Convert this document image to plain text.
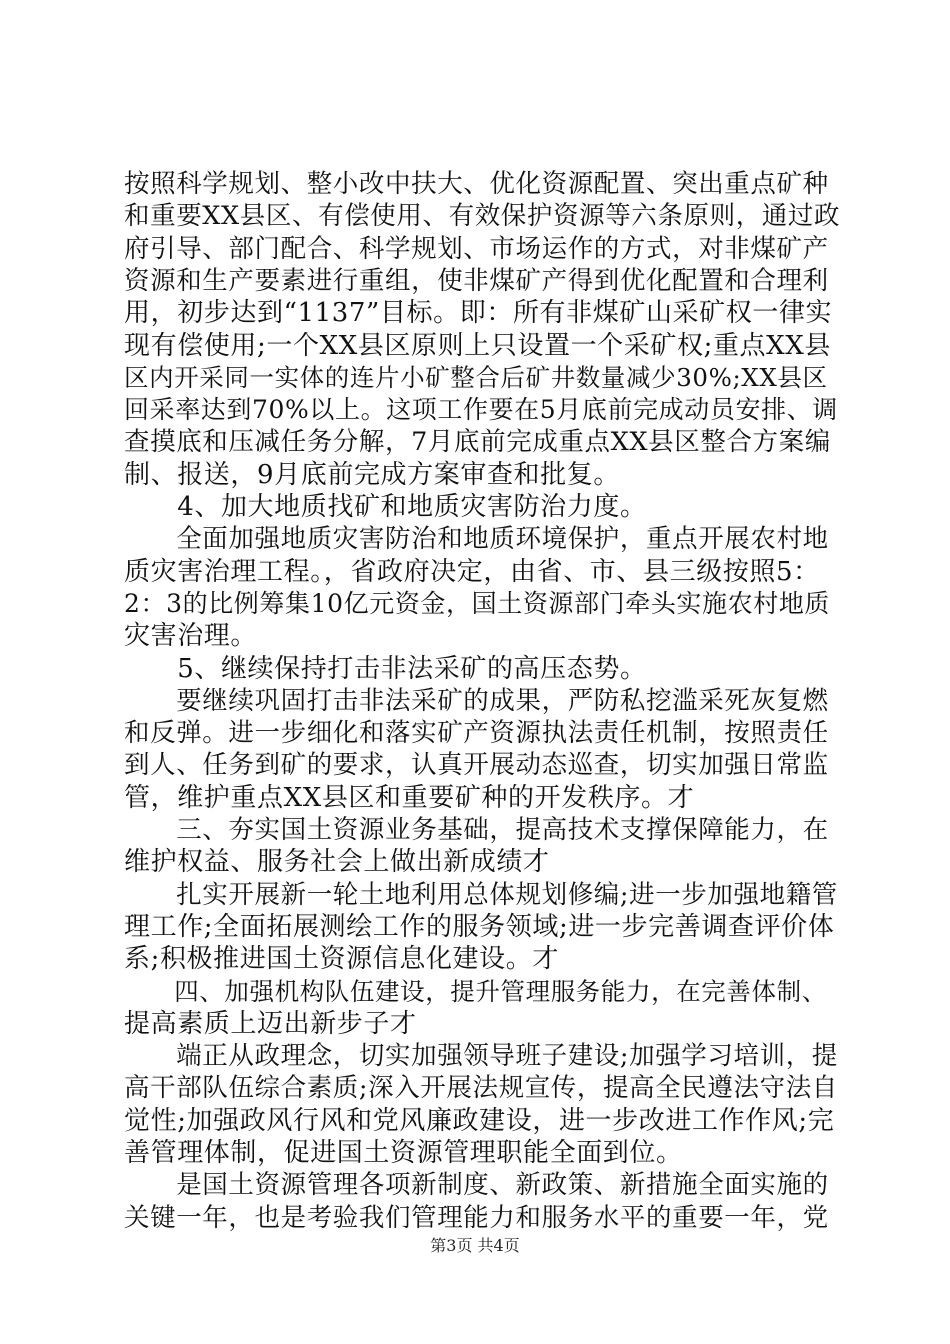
按照科学规划、整小改中扶大、优化资源配置、突出重点矿种
和重要XX县区、有偿使用、有效保护资源等六条原则，通过政
府引导、部门配合、科学规划、市场运作的方式，对非煤矿产
资源和生产要素进行重组，使非煤矿产得到优化配置和合理利
用，初步达到“1137”目标。即：所有非煤矿山采矿权一律实
现有偿使用;一个XX县区原则上只设置一个采矿权;重点XX县
区内开采同一实体的连片小矿整合后矿井数量减少30%;XX县区
回采率达到70%以上。这项工作要在5月底前完成动员安排、调
查摸底和压减任务分解，7月底前完成重点XX县区整合方案编
制、报送，9月底前完成方案审查和批复。
　　4、加大地质找矿和地质灾害防治力度。
　　全面加强地质灾害防治和地质环境保护，重点开展农村地
质灾害治理工程。，省政府决定，由省、市、县三级按照5：
2：3的比例筹集10亿元资金，国土资源部门牵头实施农村地质
灾害治理。
　　5、继续保持打击非法采矿的高压态势。
　　要继续巩固打击非法采矿的成果，严防私挖滥采死灰复燃
和反弹。进一步细化和落实矿产资源执法责任机制，按照责任
到人、任务到矿的要求，认真开展动态巡查，切实加强日常监
管，维护重点XX县区和重要矿种的开发秩序。才
　　三、夯实国土资源业务基础，提高技术支撑保障能力，在
维护权益、服务社会上做出新成绩才
　　扎实开展新一轮土地利用总体规划修编;进一步加强地籍管
理工作;全面拓展测绘工作的服务领域;进一步完善调查评价体
系;积极推进国土资源信息化建设。才
　　四、加强机构队伍建设，提升管理服务能力，在完善体制、
提高素质上迈出新步子才
　　端正从政理念，切实加强领导班子建设;加强学习培训，提
高干部队伍综合素质;深入开展法规宣传，提高全民遵法守法自
觉性;加强政风行风和党风廉政建设，进一步改进工作作风;完
善管理体制，促进国土资源管理职能全面到位。
　　是国土资源管理各项新制度、新政策、新措施全面实施的
关键一年，也是考验我们管理能力和服务水平的重要一年，党
第3页 共4页
